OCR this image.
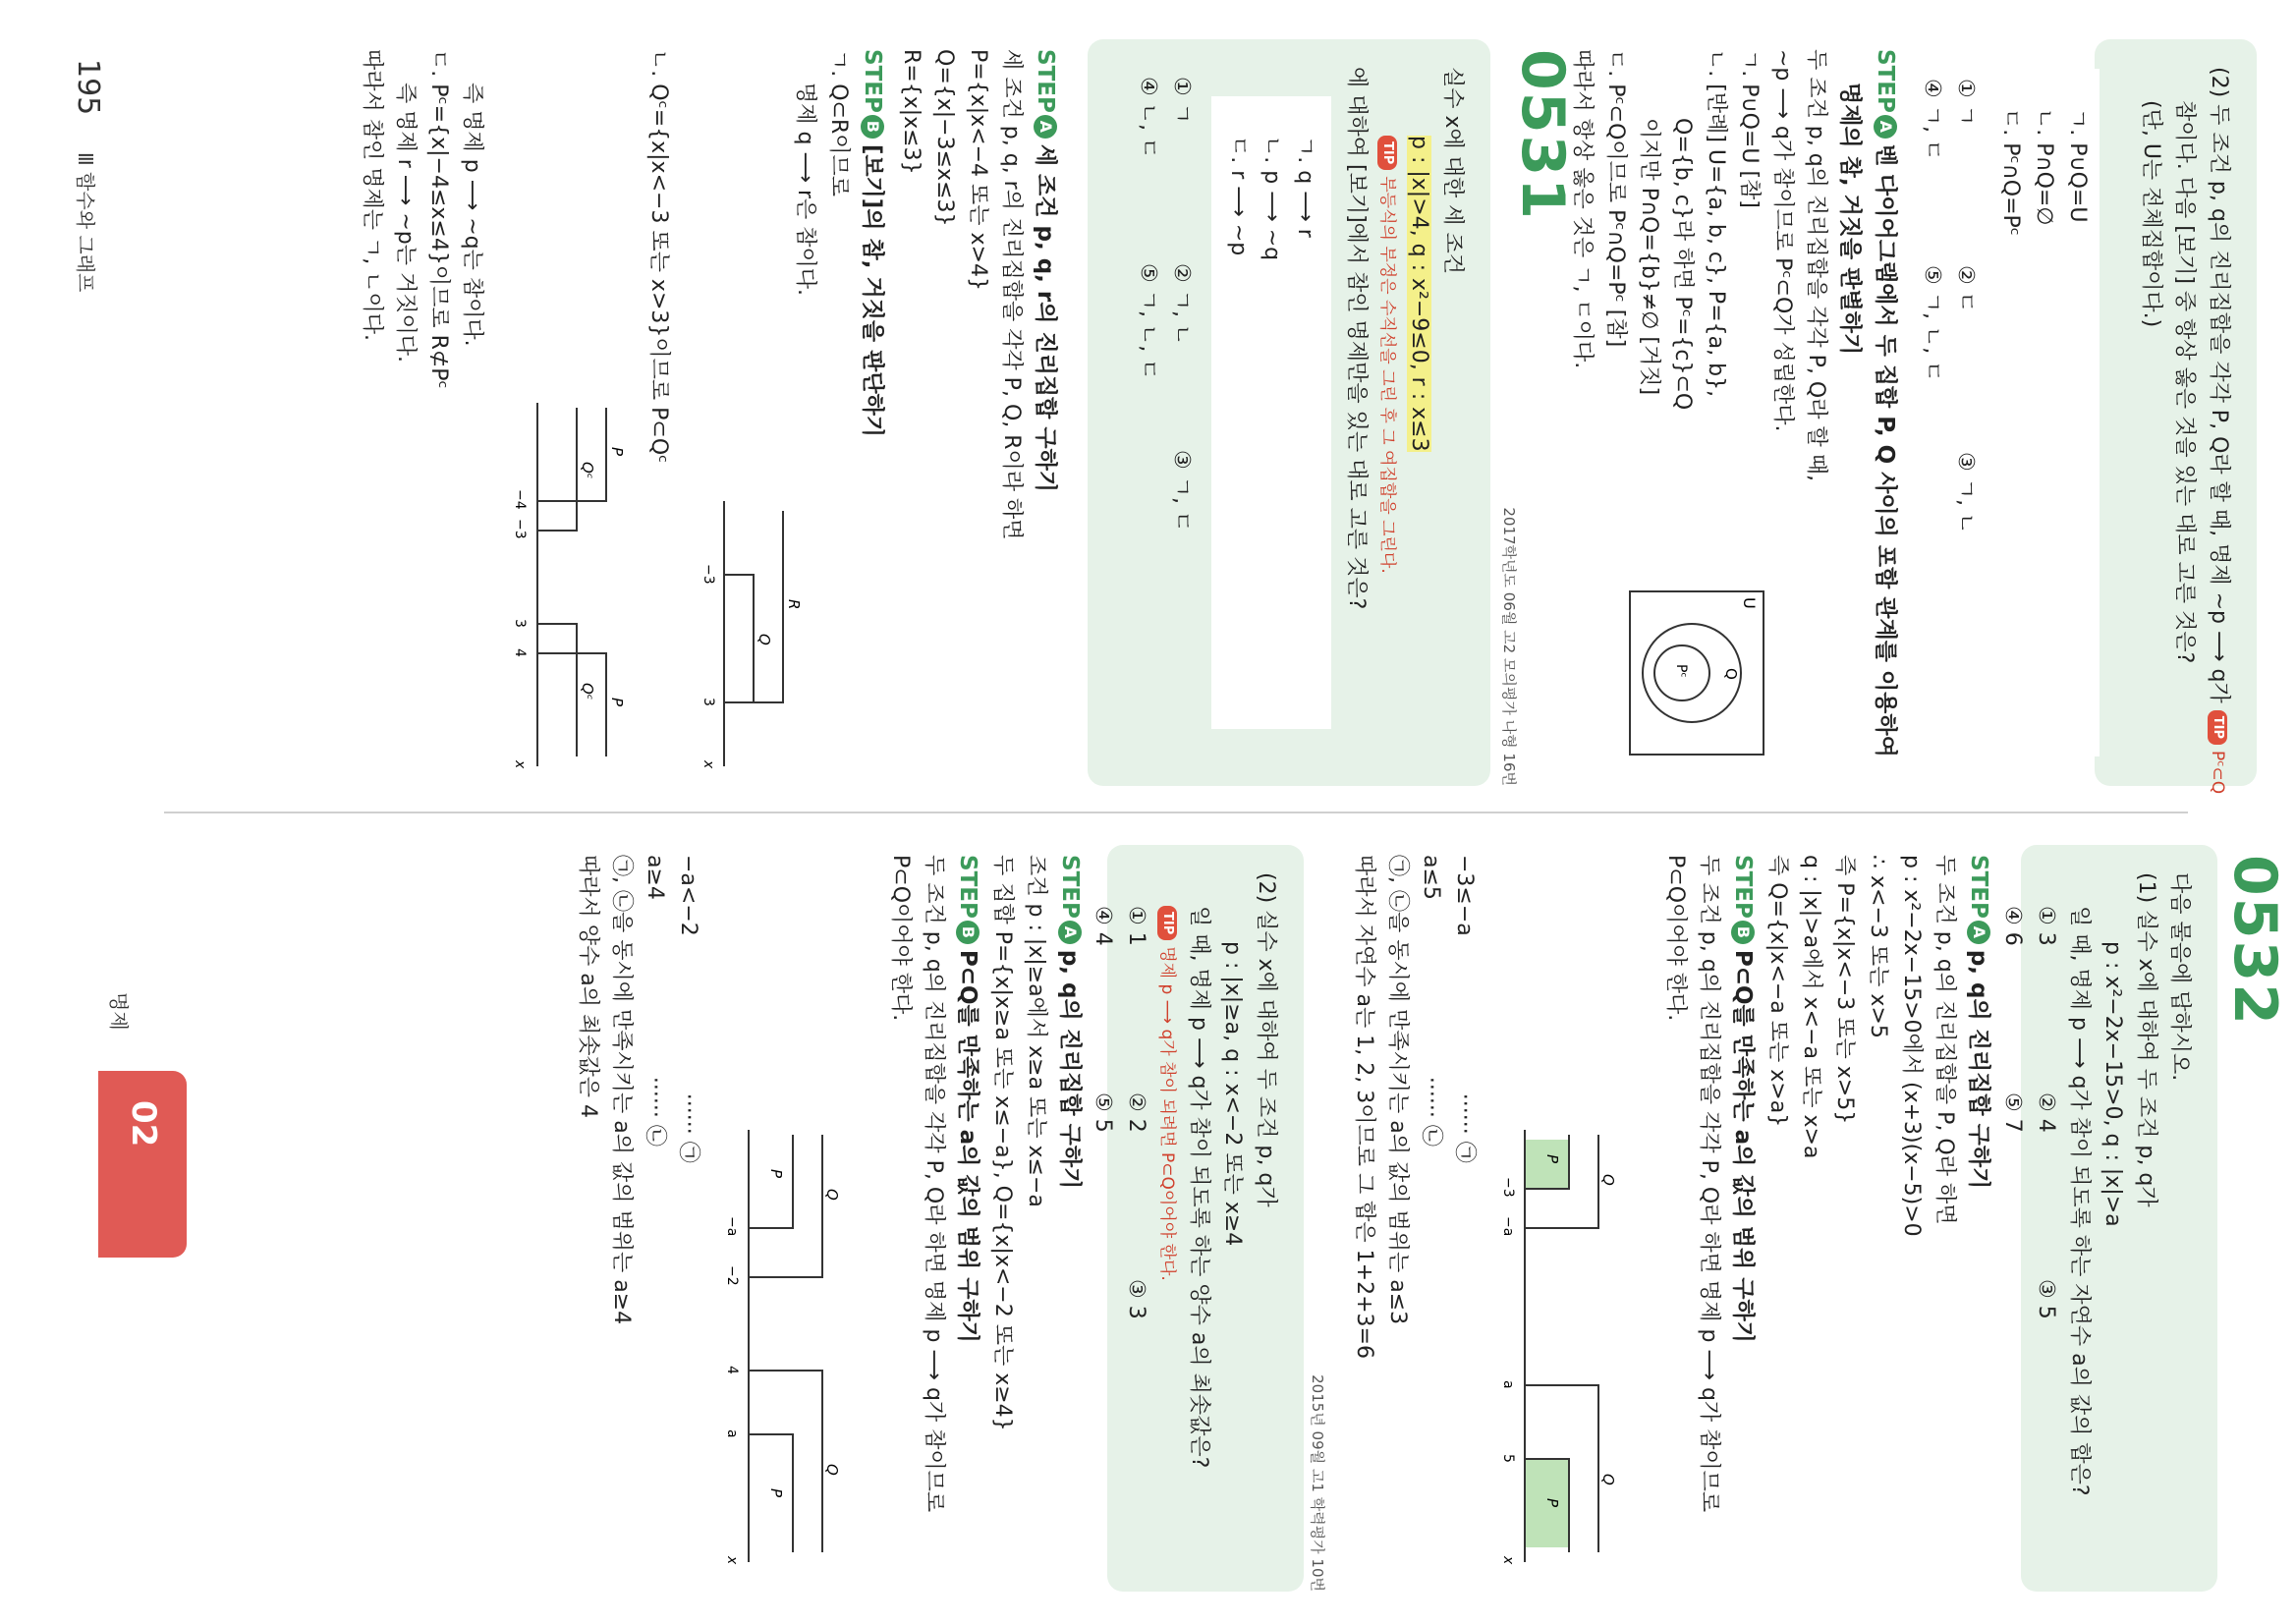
(2) 두 조건 p, q의 진리집합을 각각 P, Q라 할 때, 명제 ~p ⟶ q가 TIPPᶜ⊂Q
참이다. 다음 [보기] 중 항상 옳은 것을 있는 대로 고른 것은?
(단, U는 전체집합이다.)
ㄱ. P∪Q=U
ㄴ. P∩Q=∅
ㄷ. Pᶜ∩Q=Pᶜ
① ㄱ
② ㄷ
③ ㄱ, ㄴ
④ ㄱ, ㄷ
⑤ ㄱ, ㄴ, ㄷ
STEPA벤 다이어그램에서 두 집합 P, Q 사이의 포함 관계를 이용하여
명제의 참, 거짓을 판별하기
두 조건 p, q의 진리집합을 각각 P, Q라 할 때,
~p ⟶ q가 참이므로 Pᶜ⊂Q가 성립한다.
ㄱ. P∪Q=U [참]
ㄴ. [반례] U={a, b, c}, P={a, b},
Q={b, c}라 하면 Pᶜ={c}⊂Q
이지만 P∩Q={b}≠∅ [거짓]
ㄷ. Pᶜ⊂Q이므로 Pᶜ∩Q=Pᶜ [참]
따라서 항상 옳은 것은 ㄱ, ㄷ이다.
U
Q
Pᶜ
0531
2017학년도 06월 고2 모의평가 나형 16번
실수 x에 대한 세 조건
p : |x|>4, q : x²−9≤0, r : x≤3
TIP부등식의 부정은 수직선을 그린 후 그 여집합을 그린다.
에 대하여 [보기]에서 참인 명제만을 있는 대로 고른 것은?
ㄱ. q ⟶ r
ㄴ. p ⟶ ~q
ㄷ. r ⟶ ~p
① ㄱ
② ㄱ, ㄴ
③ ㄱ, ㄷ
④ ㄴ, ㄷ
⑤ ㄱ, ㄴ, ㄷ
STEPA세 조건 p, q, r의 진리집합 구하기
세 조건 p, q, r의 진리집합을 각각 P, Q, R이라 하면
P={x|x<−4 또는 x>4}
Q={x|−3≤x≤3}
R={x|x≤3}
STEPB[보기]의 참, 거짓을 판단하기
ㄱ. Q⊂R이므로
명제 q ⟶ r은 참이다.
R
Q
−3
3
x
ㄴ. Qᶜ={x|x<−3 또는 x>3}이므로 P⊂Qᶜ
P
Qᶜ
Qᶜ
P
−4
−3
3
4
x
즉 명제 p ⟶ ~q는 참이다.
ㄷ. Pᶜ={x|−4≤x≤4}이므로 R⊄Pᶜ
즉 명제 r ⟶ ~p는 거짓이다.
따라서 참인 명제는 ㄱ, ㄴ이다.
0532
다음 물음에 답하시오.
(1) 실수 x에 대하여 두 조건 p, q가
p : x²−2x−15>0, q : |x|>a
일 때, 명제 p ⟶ q가 참이 되도록 하는 자연수 a의 값의 합은?
① 3
② 4
③ 5
④ 6
⑤ 7
STEPAp, q의 진리집합 구하기
두 조건 p, q의 진리집합을 P, Q라 하면
p : x²−2x−15>0에서 (x+3)(x−5)>0
∴ x<−3 또는 x>5
즉 P={x|x<−3 또는 x>5}
q : |x|>a에서 x<−a 또는 x>a
즉 Q={x|x<−a 또는 x>a}
STEPBP⊂Q를 만족하는 a의 값의 범위 구하기
두 조건 p, q의 진리집합을 각각 P, Q라 하면 명제 p ⟶ q가 참이므로
P⊂Q이어야 한다.
Q
Q
P
P
−3
−a
a
5
x
−3≤−a······ ㉠
a≤5······ ㉡
㉠, ㉡을 동시에 만족시키는 a의 값의 범위는 a≤3
따라서 자연수 a는 1, 2, 3이므로 그 합은 1+2+3=6
2015년 09월 고1 학력평가 10번
(2) 실수 x에 대하여 두 조건 p, q가
p : |x|≥a, q : x<−2 또는 x≥4
일 때, 명제 p ⟶ q가 참이 되도록 하는 양수 a의 최솟값은?
TIP명제 p ⟶ q가 참이 되려면 P⊂Q이어야 한다.
① 1
② 2
③ 3
④ 4
⑤ 5
STEPAp, q의 진리집합 구하기
조건 p : |x|≥a에서 x≥a 또는 x≤−a
두 집합 P={x|x≥a 또는 x≤−a}, Q={x|x<−2 또는 x≥4}
STEPBP⊂Q를 만족하는 a의 값의 범위 구하기
두 조건 p, q의 진리집합을 각각 P, Q라 하면 명제 p ⟶ q가 참이므로
P⊂Q이어야 한다.
Q
Q
P
P
−a
−2
4
a
x
−a<−2······ ㉠
a≥4······ ㉡
㉠, ㉡을 동시에 만족시키는 a의 값의 범위는 a≥4
따라서 양수 a의 최솟값은 4
195 Ⅲ 함수와 그래프
02
명제
